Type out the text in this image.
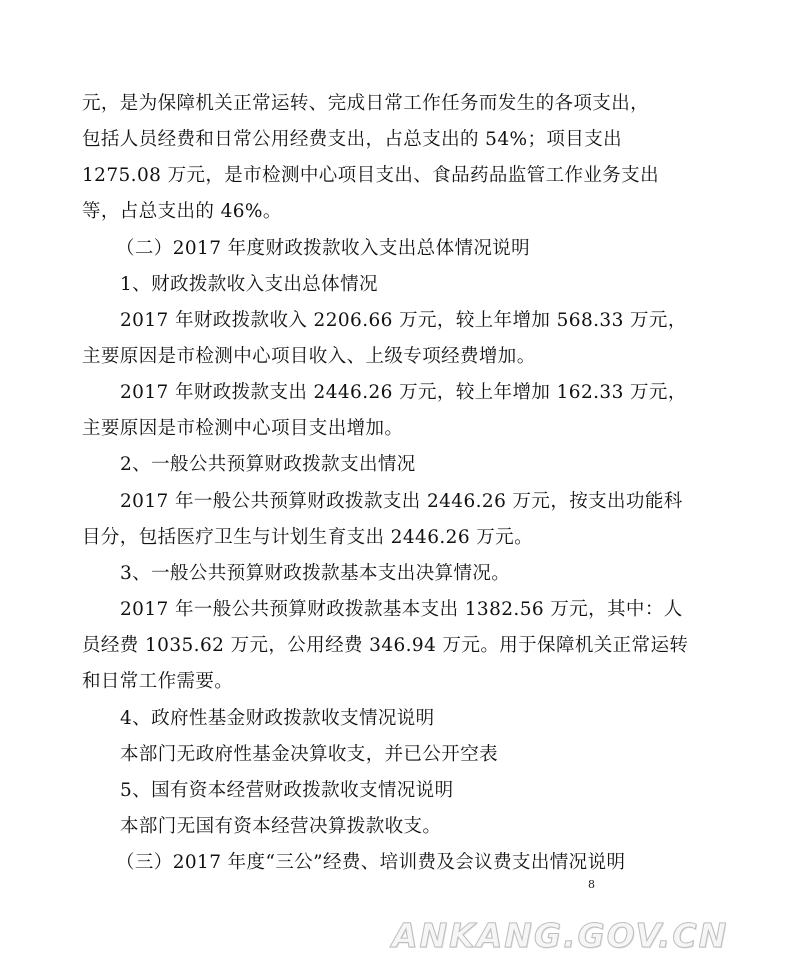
元，是为保障机关正常运转、完成日常工作任务而发生的各项支出，
包括人员经费和日常公用经费支出，占总支出的 54%；项目支出
1275.08 万元，是市检测中心项目支出、食品药品监管工作业务支出
等，占总支出的 46%。
（二）2017 年度财政拨款收入支出总体情况说明
1、财政拨款收入支出总体情况
2017 年财政拨款收入 2206.66 万元，较上年增加 568.33 万元，
主要原因是市检测中心项目收入、上级专项经费增加。
2017 年财政拨款支出 2446.26 万元，较上年增加 162.33 万元，
主要原因是市检测中心项目支出增加。
2、一般公共预算财政拨款支出情况
2017 年一般公共预算财政拨款支出 2446.26 万元，按支出功能科
目分，包括医疗卫生与计划生育支出 2446.26 万元。
3、一般公共预算财政拨款基本支出决算情况。
2017 年一般公共预算财政拨款基本支出 1382.56 万元，其中：人
员经费 1035.62 万元，公用经费 346.94 万元。用于保障机关正常运转
和日常工作需要。
4、政府性基金财政拨款收支情况说明
本部门无政府性基金决算收支，并已公开空表
5、国有资本经营财政拨款收支情况说明
本部门无国有资本经营决算拨款收支。
（三）2017 年度“三公”经费、培训费及会议费支出情况说明
8
ANKANG.GOV.CN
